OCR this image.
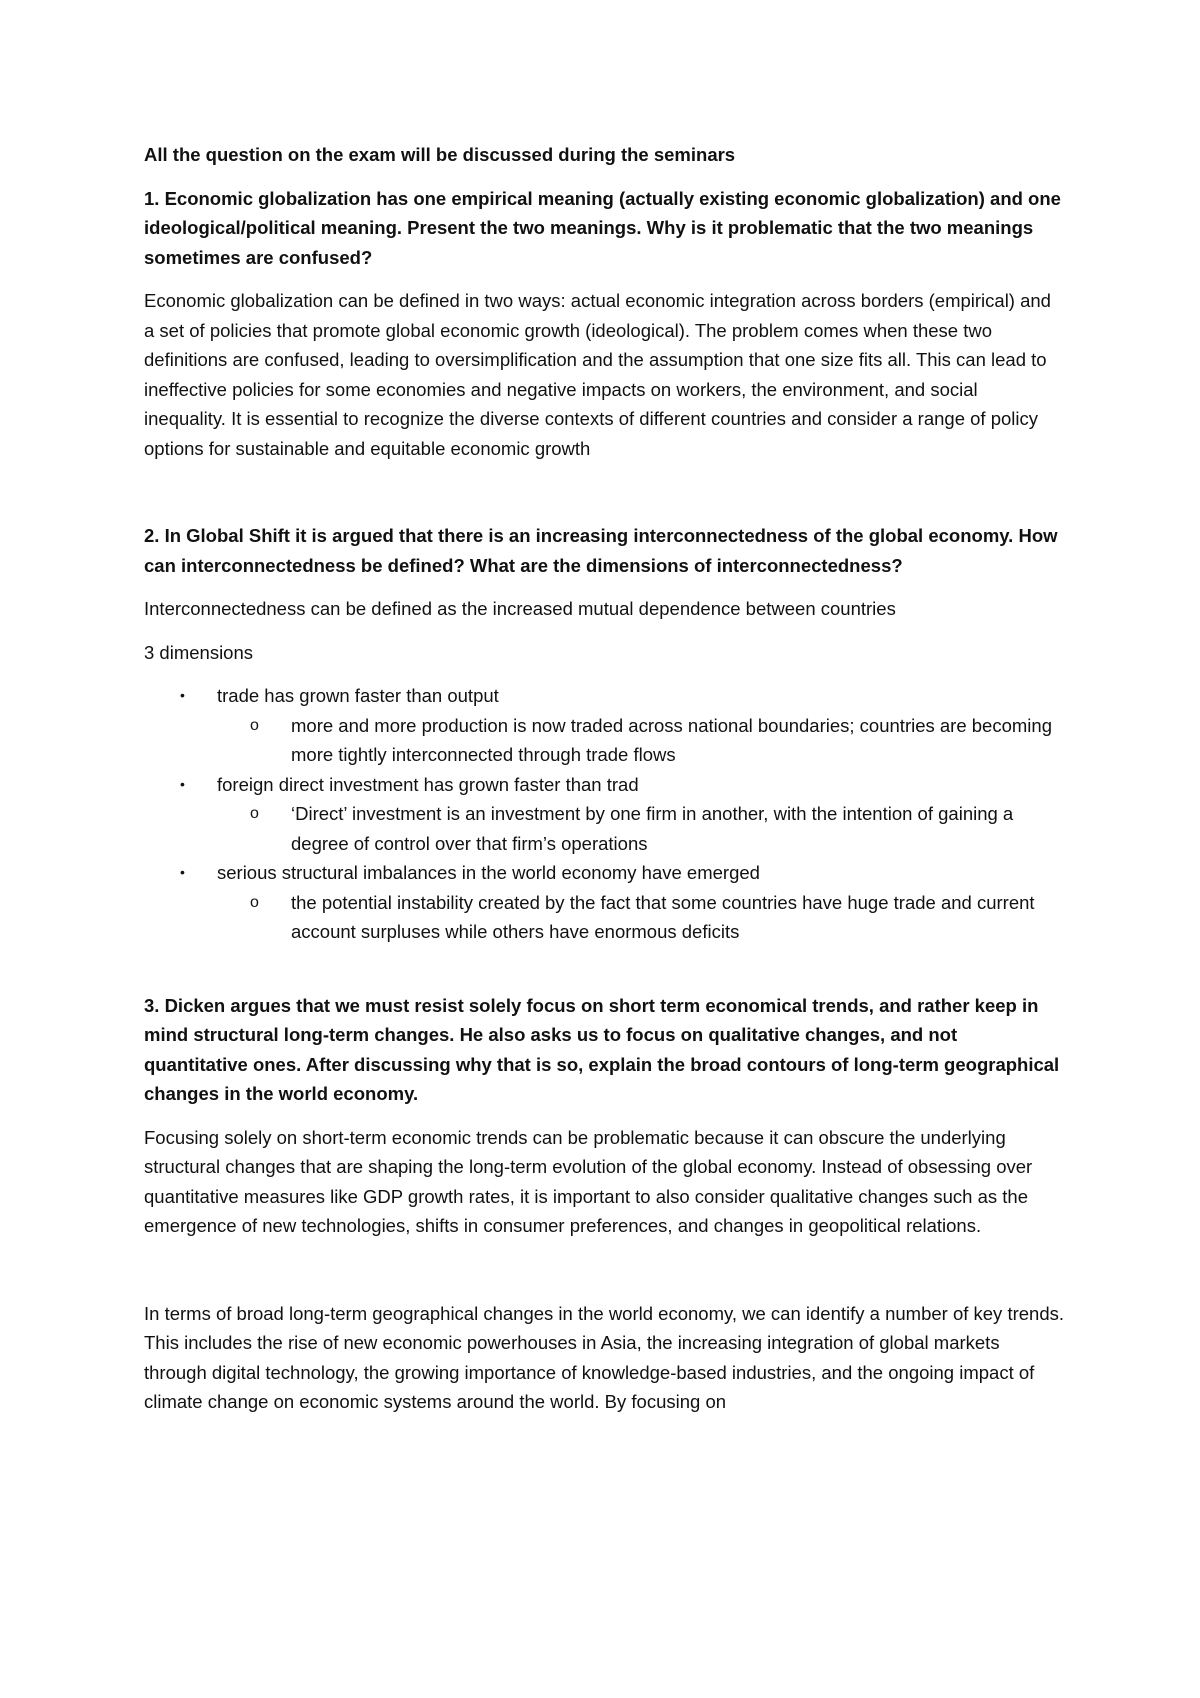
All the question on the exam will be discussed during the seminars

1. Economic globalization has one empirical meaning (actually existing economic globalization) and one ideological/political meaning. Present the two meanings. Why is it problematic that the two meanings sometimes are confused?

Economic globalization can be defined in two ways: actual economic integration across borders (empirical) and a set of policies that promote global economic growth (ideological). The problem comes when these two definitions are confused, leading to oversimplification and the assumption that one size fits all. This can lead to ineffective policies for some economies and negative impacts on workers, the environment, and social inequality. It is essential to recognize the diverse contexts of different countries and consider a range of policy options for sustainable and equitable economic growth

2. In Global Shift it is argued that there is an increasing interconnectedness of the global economy. How can interconnectedness be defined? What are the dimensions of interconnectedness?

Interconnectedness can be defined as the increased mutual dependence between countries

3 dimensions

•	trade has grown faster than output
o more and more production is now traded across national boundaries; countries are becoming more tightly interconnected through trade flows
•	foreign direct investment has grown faster than trad
o ‘Direct’ investment is an investment by one firm in another, with the intention of gaining a degree of control over that firm’s operations
•	serious structural imbalances in the world economy have emerged
o the potential instability created by the fact that some countries have huge trade and current account surpluses while others have enormous deficits

3. Dicken argues that we must resist solely focus on short term economical trends, and rather keep in mind structural long-term changes. He also asks us to focus on qualitative changes, and not quantitative ones. After discussing why that is so, explain the broad contours of long-term geographical changes in the world economy.

Focusing solely on short-term economic trends can be problematic because it can obscure the underlying structural changes that are shaping the long-term evolution of the global economy. Instead of obsessing over quantitative measures like GDP growth rates, it is important to also consider qualitative changes such as the emergence of new technologies, shifts in consumer preferences, and changes in geopolitical relations.

In terms of broad long-term geographical changes in the world economy, we can identify a number of key trends. This includes the rise of new economic powerhouses in Asia, the increasing integration of global markets through digital technology, the growing importance of knowledge-based industries, and the ongoing impact of climate change on economic systems around the world. By focusing on
